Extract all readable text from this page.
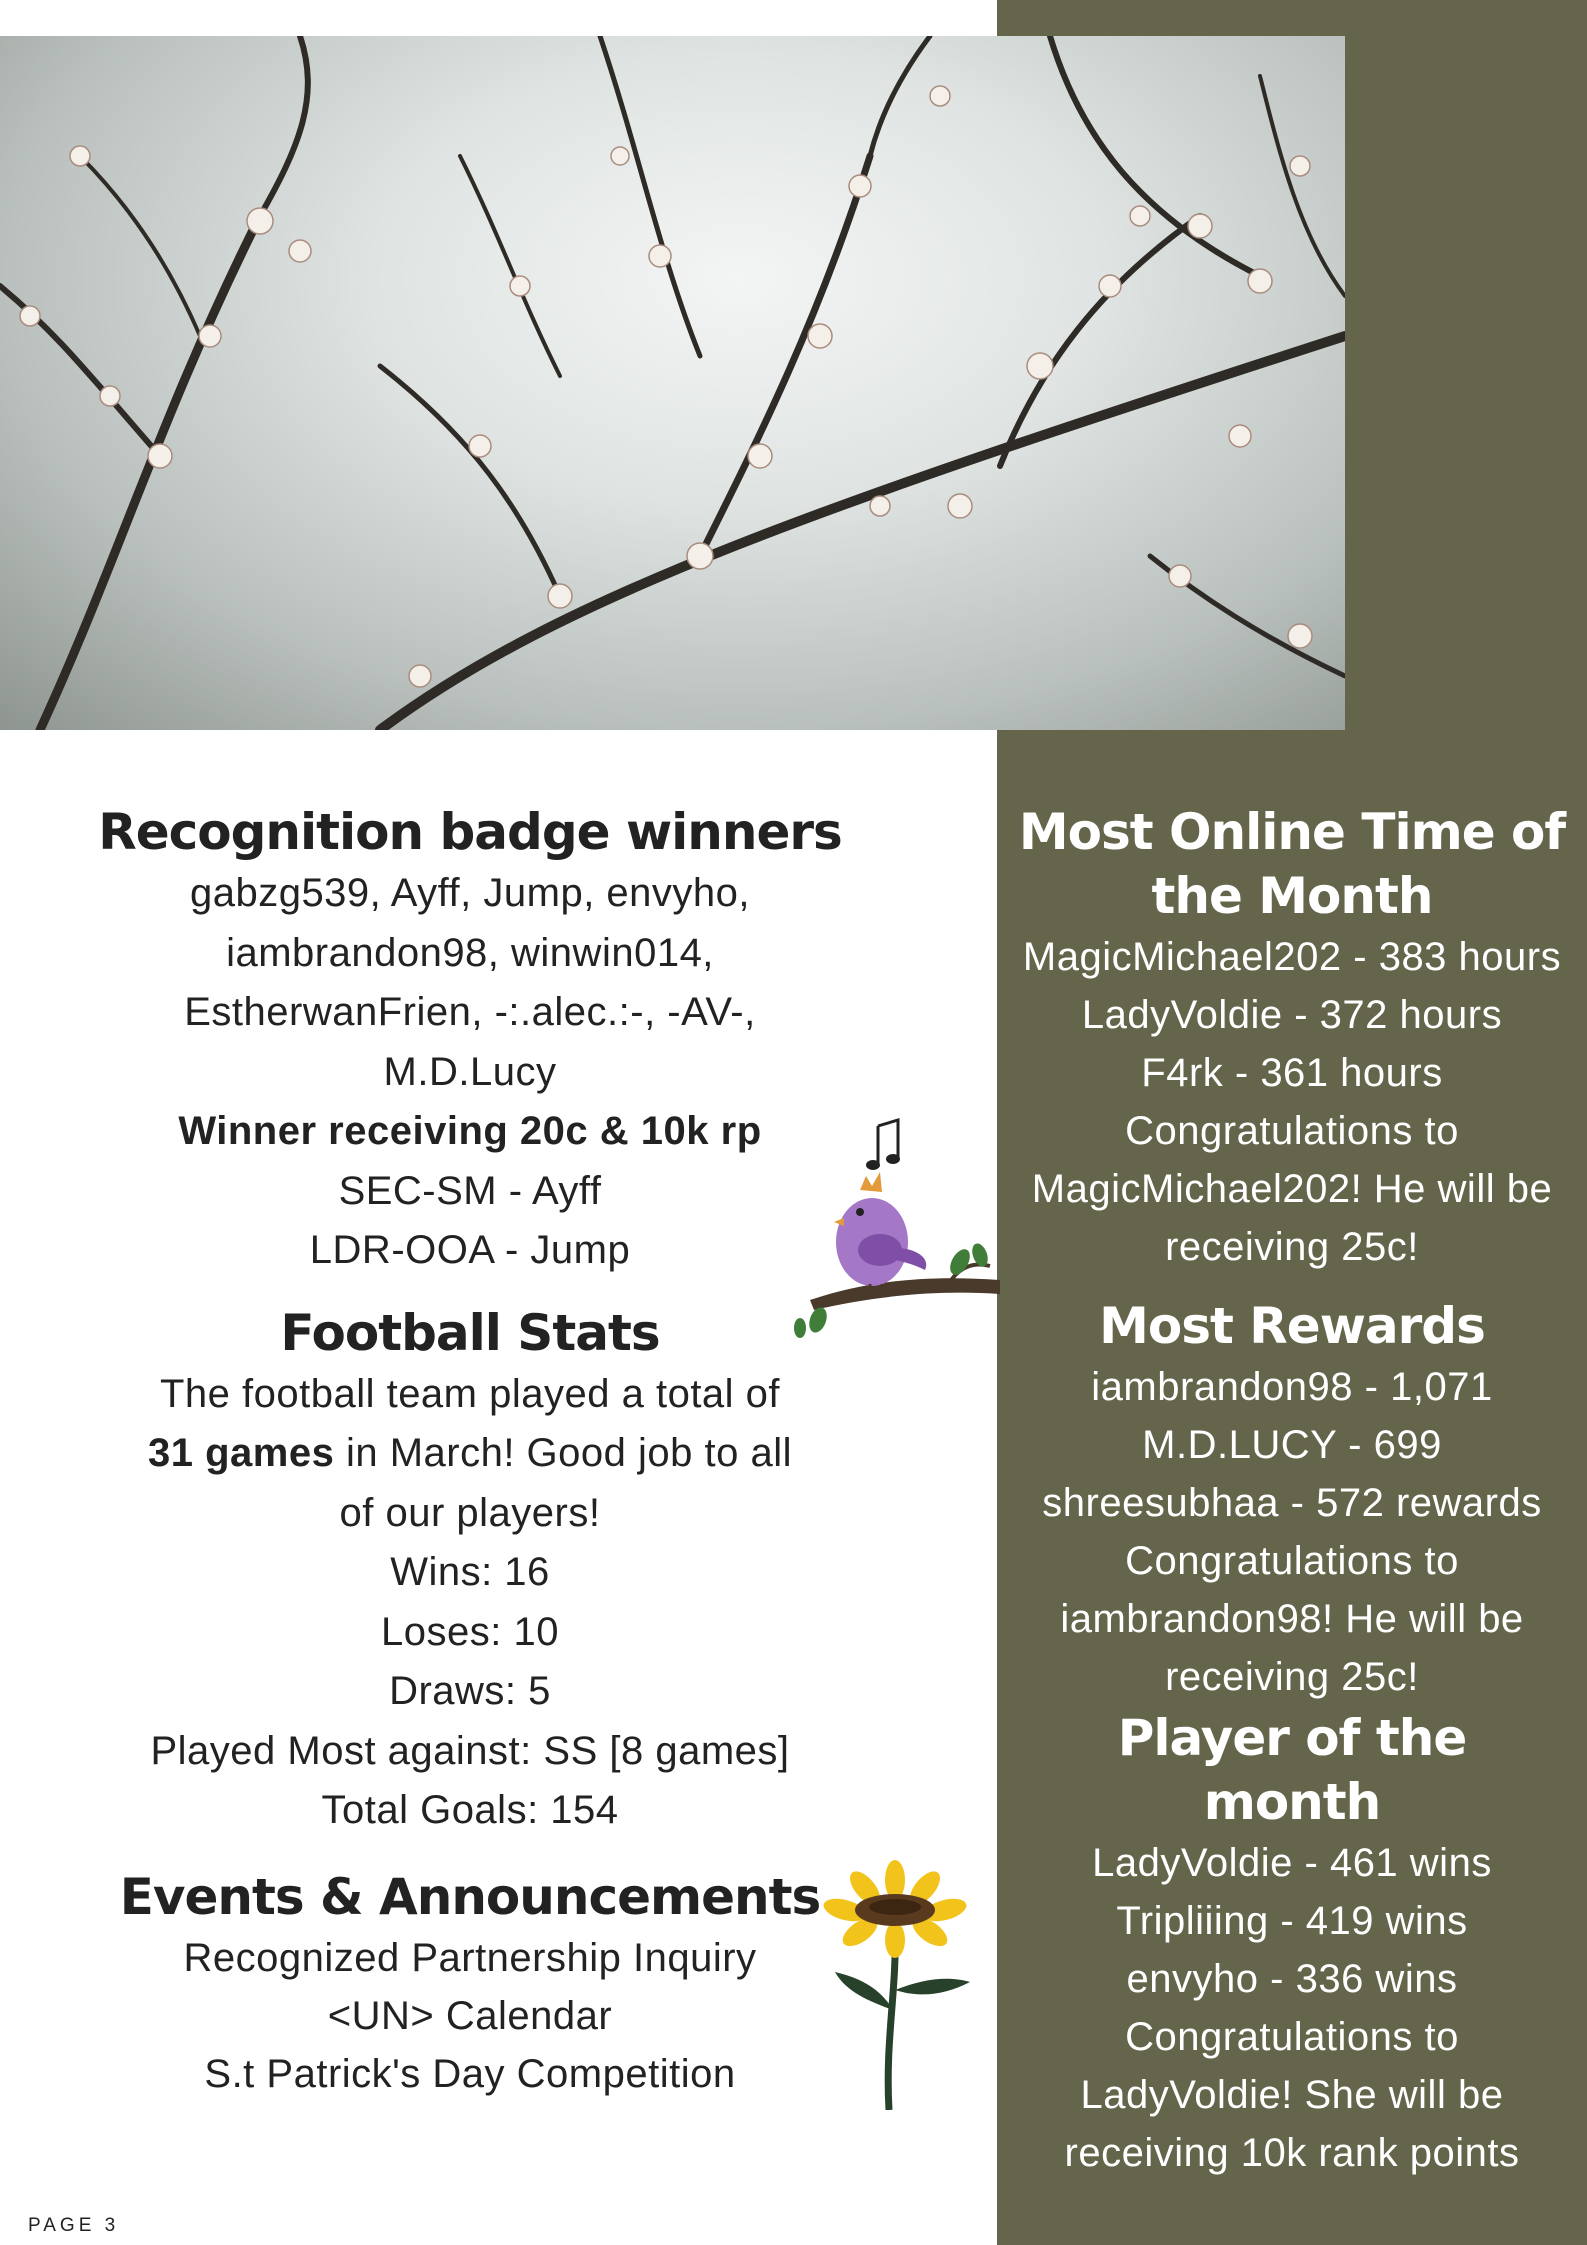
Recognition badge winners

gabzg539, Ayff, Jump, envyho,

iambrandon98, winwin014,

EstherwanFrien, -:.alec.:-, -AV-,

M.D.Lucy

Winner receiving 20c & 10k rp

SEC-SM - Ayff

LDR-OOA - Jump

Football Stats

The football team played a total of

31 games in March! Good job to all

of our players!

Wins: 16

Loses: 10

Draws: 5

Played Most against: SS [8 games]

Total Goals: 154

Events & Announcements

Recognized Partnership Inquiry

<UN> Calendar

S.t Patrick's Day Competition

Most Online Time of
the Month

MagicMichael202 - 383 hours

LadyVoldie - 372 hours

F4rk - 361 hours

Congratulations to

MagicMichael202! He will be

receiving 25c!

Most Rewards

iambrandon98 - 1,071

M.D.LUCY - 699

shreesubhaa - 572 rewards

Congratulations to

iambrandon98! He will be

receiving 25c!

Player of the
month

LadyVoldie - 461 wins

Tripliiing - 419 wins

envyho - 336 wins

Congratulations to

LadyVoldie! She will be

receiving 10k rank points

PAGE 3
